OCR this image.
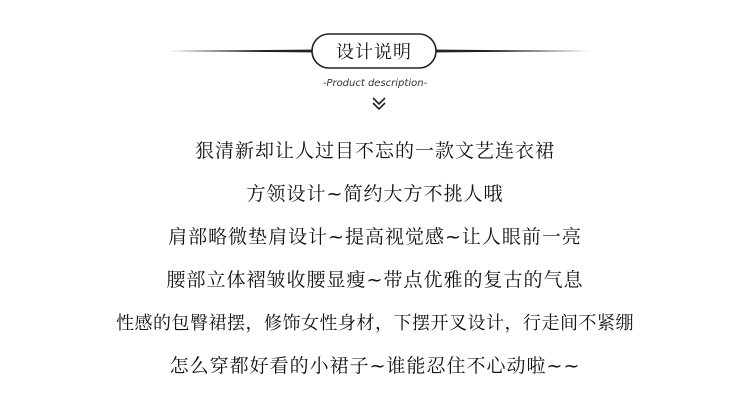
设计说明
-Product description-
狠清新却让人过目不忘的一款文艺连衣裙
方领设计~简约大方不挑人哦
肩部略微垫肩设计~提高视觉感~让人眼前一亮
腰部立体褶皱收腰显瘦~带点优雅的复古的气息
性感的包臀裙摆，修饰女性身材，下摆开叉设计，行走间不紧绷
怎么穿都好看的小裙子~谁能忍住不心动啦~~
